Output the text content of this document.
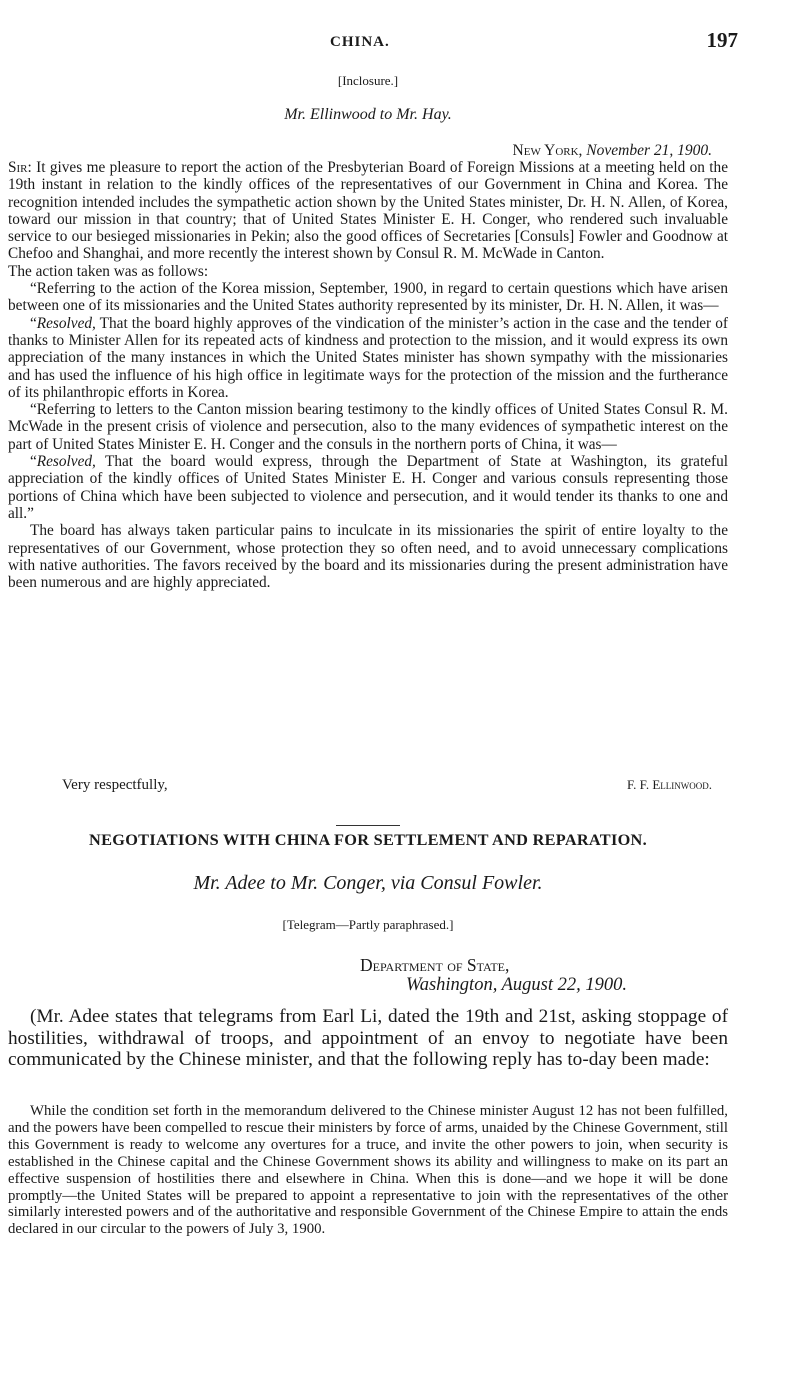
CHINA.	197
[Inclosure.]
Mr. Ellinwood to Mr. Hay.
New York, November 21, 1900.

Sir: It gives me pleasure to report the action of the Presbyterian Board of Foreign Missions at a meeting held on the 19th instant in relation to the kindly offices of the representatives of our Government in China and Korea. The recognition intended includes the sympathetic action shown by the United States minister, Dr. H. N. Allen, of Korea, toward our mission in that country; that of United States Minister E. H. Conger, who rendered such invaluable service to our besieged missionaries in Pekin; also the good offices of Secretaries [Consuls] Fowler and Goodnow at Chefoo and Shanghai, and more recently the interest shown by Consul R. M. McWade in Canton.

The action taken was as follows:

“Referring to the action of the Korea mission, September, 1900, in regard to certain questions which have arisen between one of its missionaries and the United States authority represented by its minister, Dr. H. N. Allen, it was—

“Resolved, That the board highly approves of the vindication of the minister’s action in the case and the tender of thanks to Minister Allen for its repeated acts of kindness and protection to the mission, and it would express its own appreciation of the many instances in which the United States minister has shown sympathy with the missionaries and has used the influence of his high office in legitimate ways for the protection of the mission and the furtherance of its philanthropic efforts in Korea.

“Referring to letters to the Canton mission bearing testimony to the kindly offices of United States Consul R. M. McWade in the present crisis of violence and persecution, also to the many evidences of sympathetic interest on the part of United States Minister E. H. Conger and the consuls in the northern ports of China, it was—

“Resolved, That the board would express, through the Department of State at Washington, its grateful appreciation of the kindly offices of United States Minister E. H. Conger and various consuls representing those portions of China which have been subjected to violence and persecution, and it would tender its thanks to one and all.”

The board has always taken particular pains to inculcate in its missionaries the spirit of entire loyalty to the representatives of our Government, whose protection they so often need, and to avoid unnecessary complications with native authorities. The favors received by the board and its missionaries during the present administration have been numerous and are highly appreciated.

Very respectfully,	F. F. Ellinwood.
NEGOTIATIONS WITH CHINA FOR SETTLEMENT AND REPARATION.
Mr. Adee to Mr. Conger, via Consul Fowler.
[Telegram—Partly paraphrased.]
Department of State,
Washington, August 22, 1900.

(Mr. Adee states that telegrams from Earl Li, dated the 19th and 21st, asking stoppage of hostilities, withdrawal of troops, and appointment of an envoy to negotiate have been communicated by the Chinese minister, and that the following reply has to-day been made:

While the condition set forth in the memorandum delivered to the Chinese minister August 12 has not been fulfilled, and the powers have been compelled to rescue their ministers by force of arms, unaided by the Chinese Government, still this Government is ready to welcome any overtures for a truce, and invite the other powers to join, when security is established in the Chinese capital and the Chinese Government shows its ability and willingness to make on its part an effective suspension of hostilities there and elsewhere in China. When this is done—and we hope it will be done promptly—the United States will be prepared to appoint a representative to join with the representatives of the other similarly interested powers and of the authoritative and responsible Government of the Chinese Empire to attain the ends declared in our circular to the powers of July 3, 1900.
